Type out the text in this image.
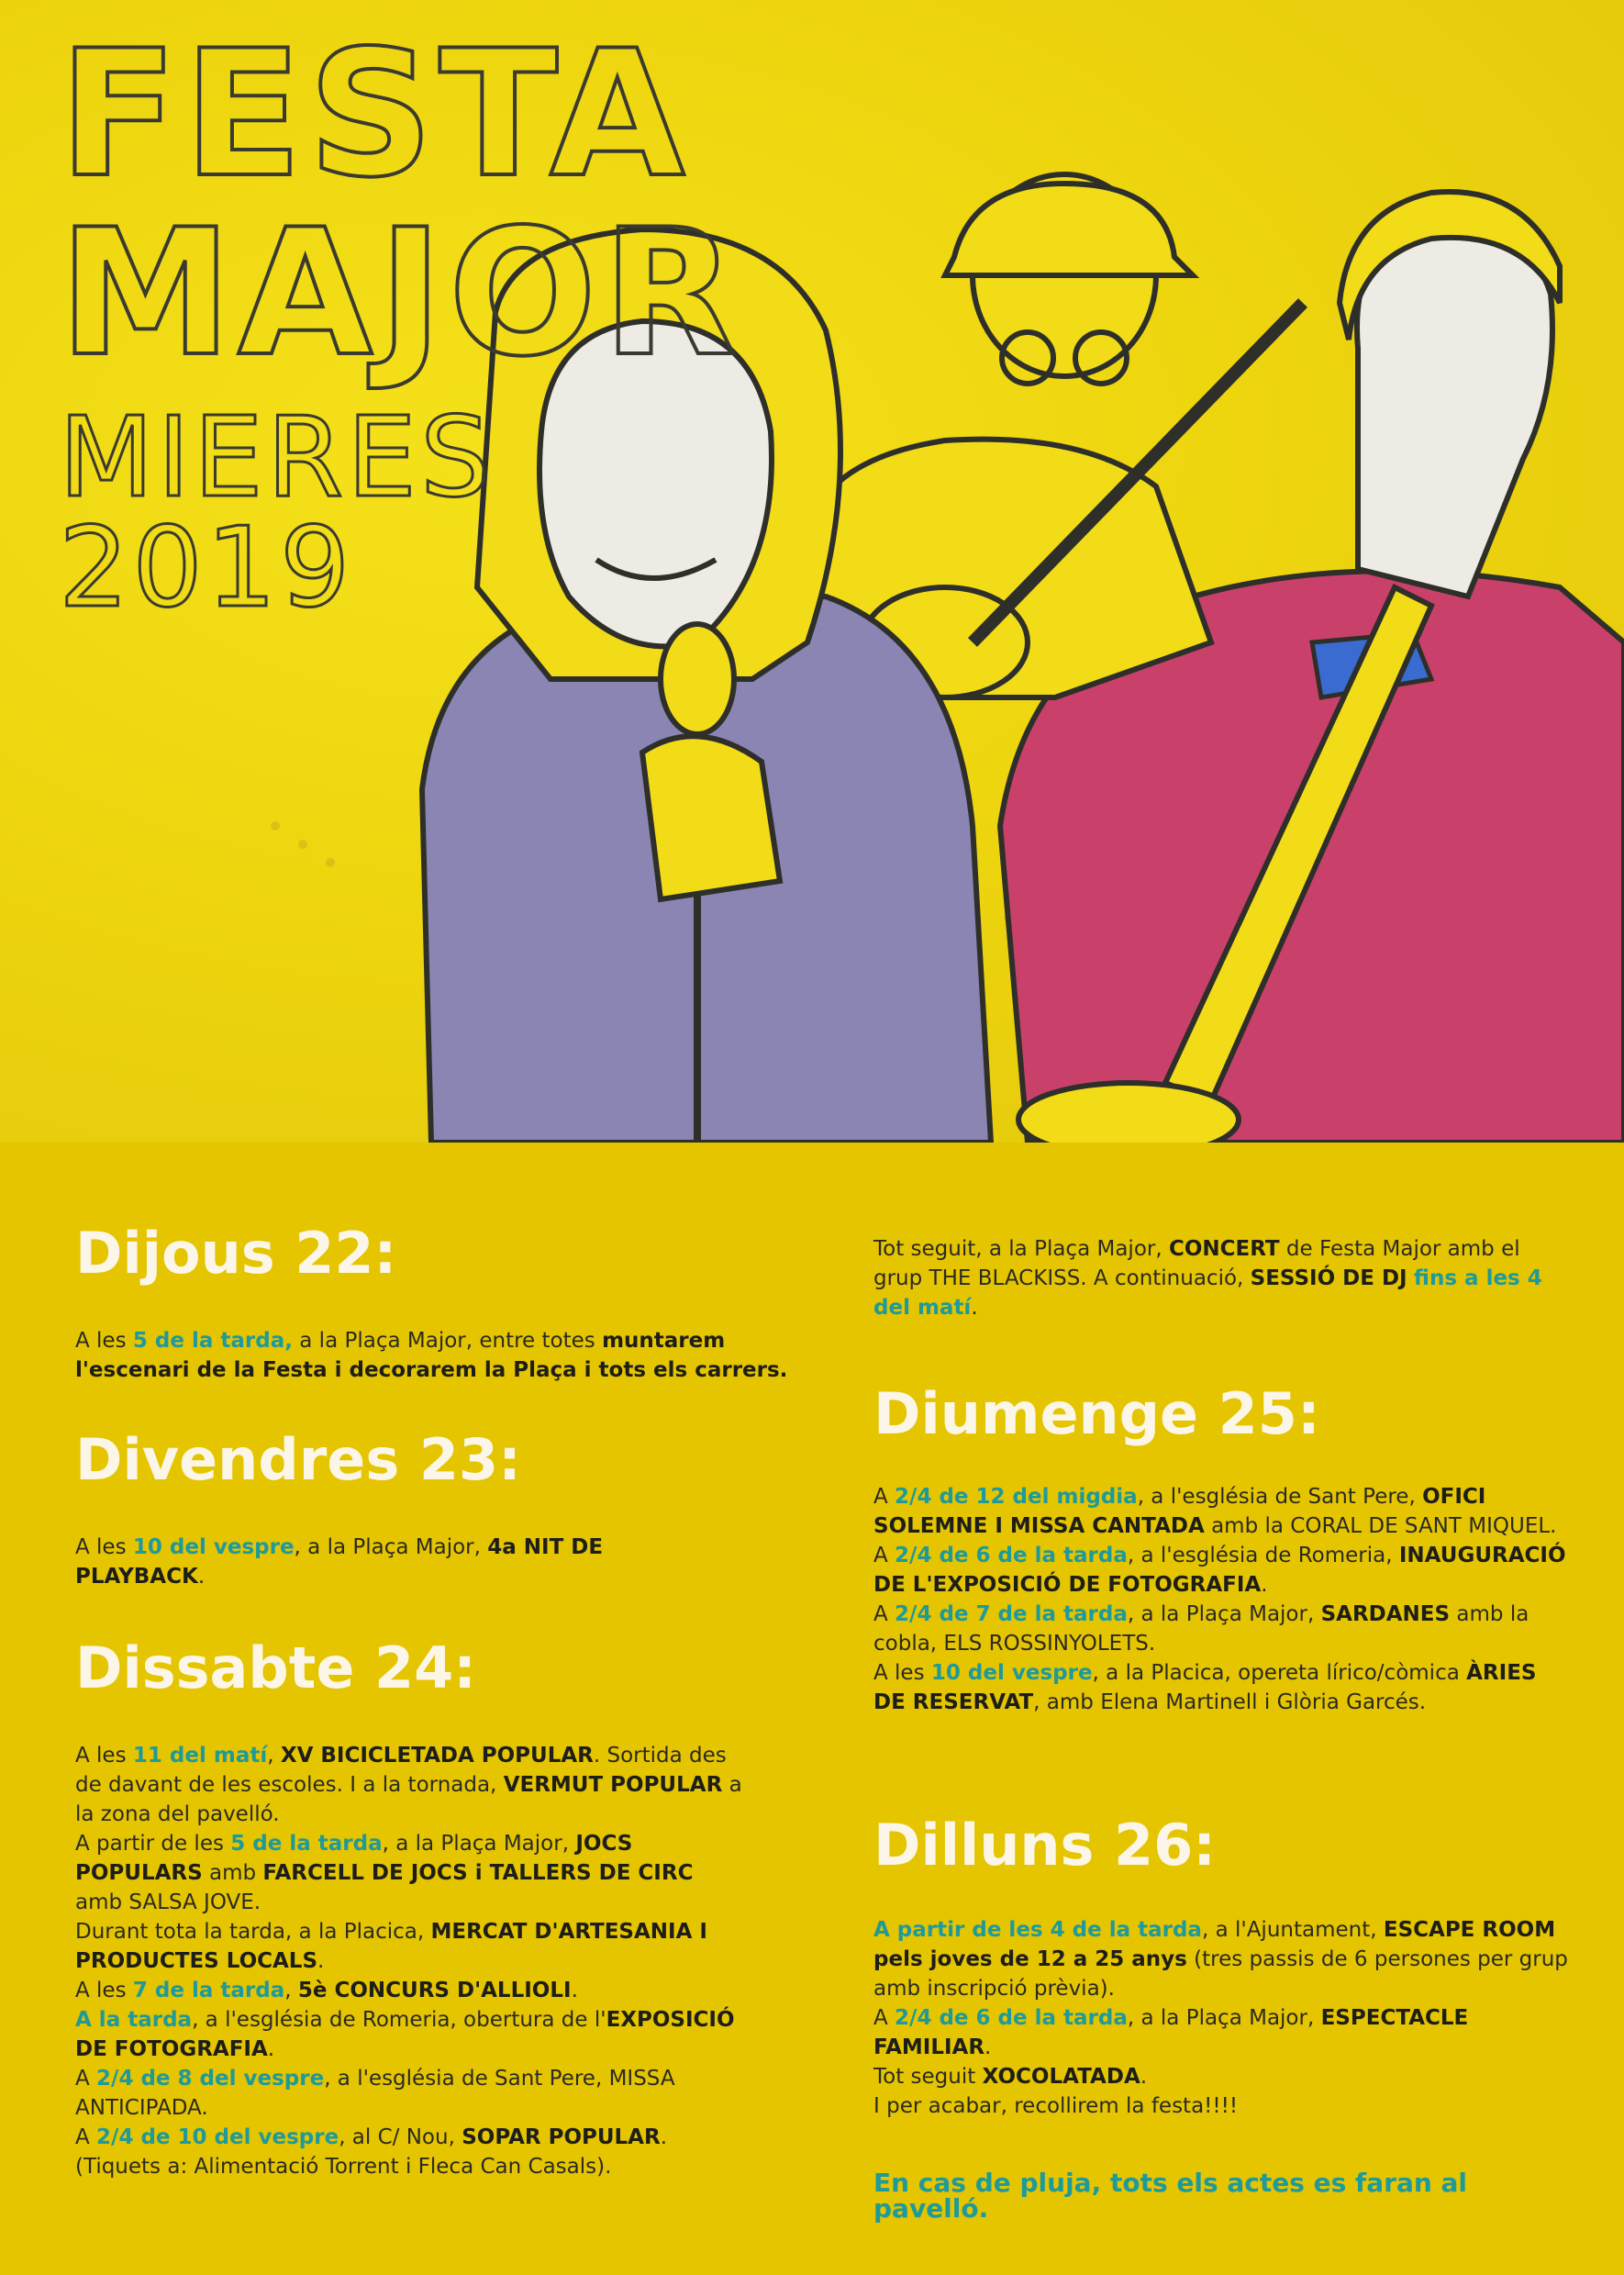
FESTA
MAJOR
MIERES
2019
Dijous 22:

A les 5 de la tarda, a la Plaça Major, entre totes muntarem l'escenari de la Festa i decorarem la Plaça i tots els carrers.

Divendres 23:

A les 10 del vespre, a la Plaça Major, 4a NIT DE PLAYBACK.

Dissabte 24:
A les 11 del matí, XV BICICLETADA POPULAR. Sortida des de davant de les escoles. I a la tornada, VERMUT POPULAR a la zona del pavelló.
A partir de les 5 de la tarda, a la Plaça Major, JOCS POPULARS amb FARCELL DE JOCS i TALLERS DE CIRC amb SALSA JOVE.
Durant tota la tarda, a la Placica, MERCAT D'ARTESANIA I PRODUCTES LOCALS.
A les 7 de la tarda, 5è CONCURS D'ALLIOLI.
A la tarda, a l'església de Romeria, obertura de l'EXPOSICIÓ DE FOTOGRAFIA.
A 2/4 de 8 del vespre, a l'església de Sant Pere, MISSA ANTICIPADA.
A 2/4 de 10 del vespre, al C/ Nou, SOPAR POPULAR. (Tiquets a: Alimentació Torrent i Fleca Can Casals).

Tot seguit, a la Plaça Major, CONCERT de Festa Major amb el grup THE BLACKISS. A continuació, SESSIÓ DE DJ fins a les 4 del matí.

Diumenge 25:
A 2/4 de 12 del migdia, a l'església de Sant Pere, OFICI SOLEMNE I MISSA CANTADA amb la CORAL DE SANT MIQUEL.
A 2/4 de 6 de la tarda, a l'església de Romeria, INAUGURACIÓ DE L'EXPOSICIÓ DE FOTOGRAFIA.
A 2/4 de 7 de la tarda, a la Plaça Major, SARDANES amb la cobla, ELS ROSSINYOLETS.
A les 10 del vespre, a la Placica, opereta lírico/còmica ÀRIES DE RESERVAT, amb Elena Martinell i Glòria Garcés.
Dilluns 26:
A partir de les 4 de la tarda, a l'Ajuntament, ESCAPE ROOM pels joves de 12 a 25 anys (tres passis de 6 persones per grup amb inscripció prèvia).
A 2/4 de 6 de la tarda, a la Plaça Major, ESPECTACLE FAMILIAR.
Tot seguit XOCOLATADA.
I per acabar, recollirem la festa!!!!

En cas de pluja, tots els actes es faran al pavelló.
